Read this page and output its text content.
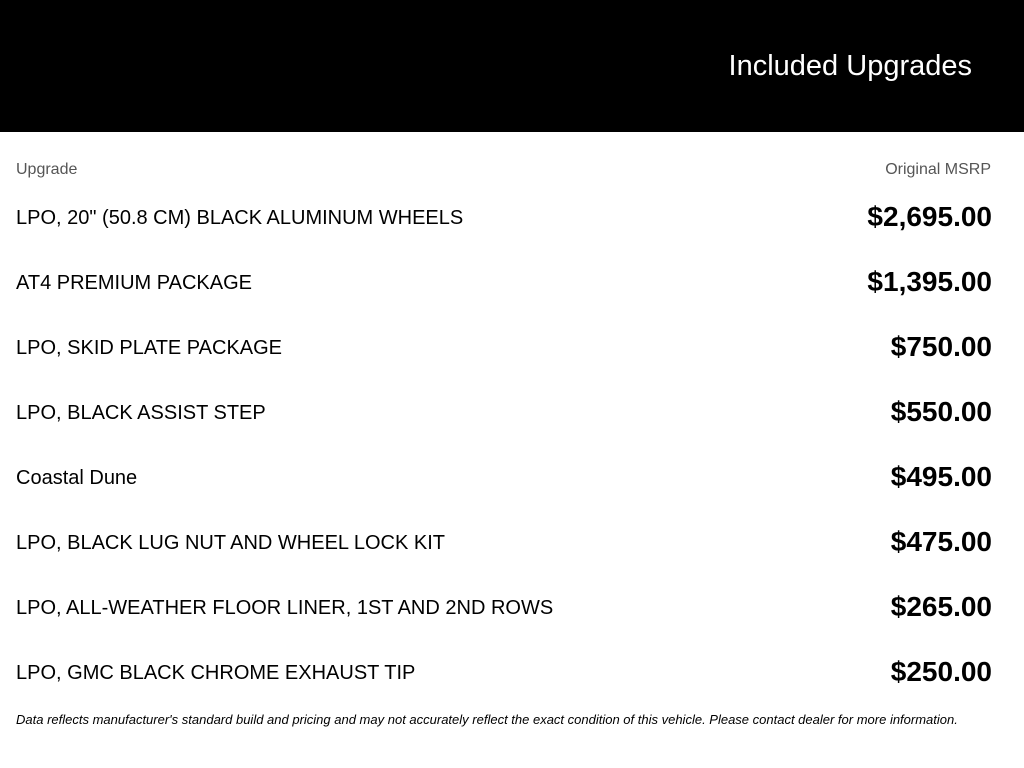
Included Upgrades
Upgrade	Original MSRP
LPO, 20" (50.8 CM) BLACK ALUMINUM WHEELS	$2,695.00
AT4 PREMIUM PACKAGE	$1,395.00
LPO, SKID PLATE PACKAGE	$750.00
LPO, BLACK ASSIST STEP	$550.00
Coastal Dune	$495.00
LPO, BLACK LUG NUT AND WHEEL LOCK KIT	$475.00
LPO, ALL-WEATHER FLOOR LINER, 1ST AND 2ND ROWS	$265.00
LPO, GMC BLACK CHROME EXHAUST TIP	$250.00

Data reflects manufacturer's standard build and pricing and may not accurately reflect the exact condition of this vehicle. Please contact dealer for more information.
